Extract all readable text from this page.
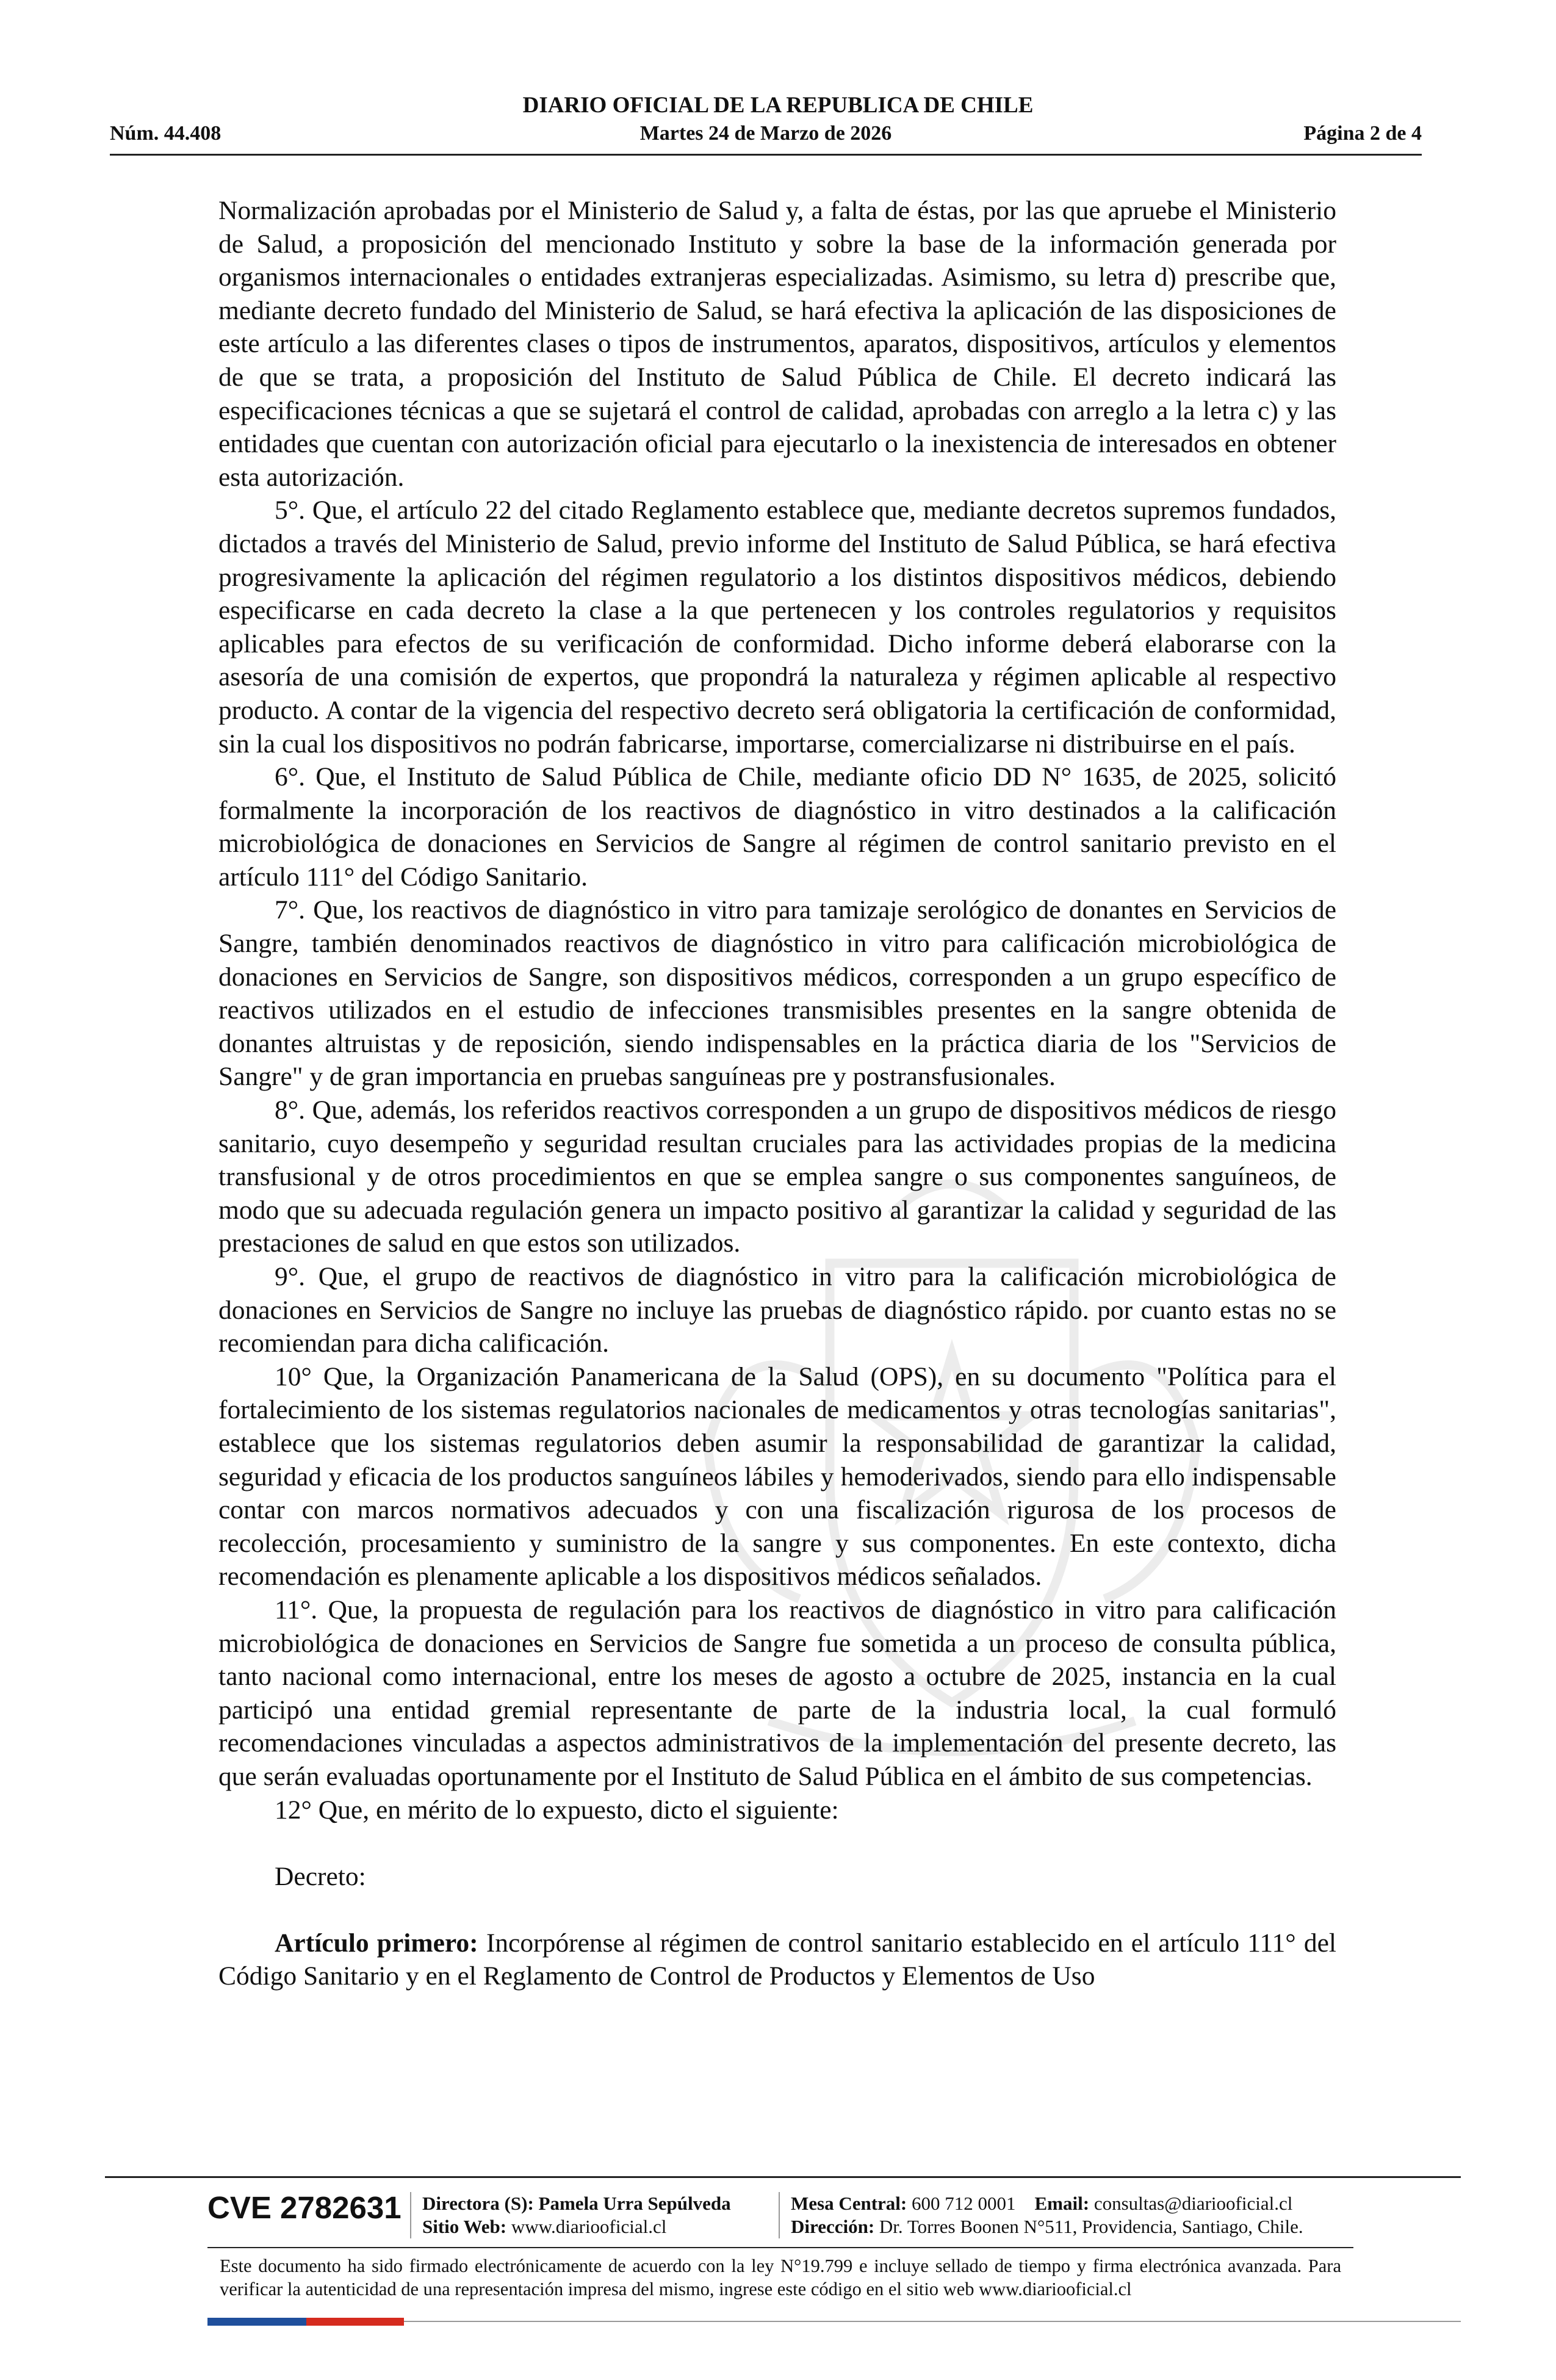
DIARIO OFICIAL DE LA REPUBLICA DE CHILE
Núm. 44.408	Martes 24 de Marzo de 2026	Página 2 de 4

Normalización aprobadas por el Ministerio de Salud y, a falta de éstas, por las que apruebe el Ministerio de Salud, a proposición del mencionado Instituto y sobre la base de la información generada por organismos internacionales o entidades extranjeras especializadas. Asimismo, su letra d) prescribe que, mediante decreto fundado del Ministerio de Salud, se hará efectiva la aplicación de las disposiciones de este artículo a las diferentes clases o tipos de instrumentos, aparatos, dispositivos, artículos y elementos de que se trata, a proposición del Instituto de Salud Pública de Chile. El decreto indicará las especificaciones técnicas a que se sujetará el control de calidad, aprobadas con arreglo a la letra c) y las entidades que cuentan con autorización oficial para ejecutarlo o la inexistencia de interesados en obtener esta autorización.

5°. Que, el artículo 22 del citado Reglamento establece que, mediante decretos supremos fundados, dictados a través del Ministerio de Salud, previo informe del Instituto de Salud Pública, se hará efectiva progresivamente la aplicación del régimen regulatorio a los distintos dispositivos médicos, debiendo especificarse en cada decreto la clase a la que pertenecen y los controles regulatorios y requisitos aplicables para efectos de su verificación de conformidad. Dicho informe deberá elaborarse con la asesoría de una comisión de expertos, que propondrá la naturaleza y régimen aplicable al respectivo producto. A contar de la vigencia del respectivo decreto será obligatoria la certificación de conformidad, sin la cual los dispositivos no podrán fabricarse, importarse, comercializarse ni distribuirse en el país.

6°. Que, el Instituto de Salud Pública de Chile, mediante oficio DD N° 1635, de 2025, solicitó formalmente la incorporación de los reactivos de diagnóstico in vitro destinados a la calificación microbiológica de donaciones en Servicios de Sangre al régimen de control sanitario previsto en el artículo 111° del Código Sanitario.

7°. Que, los reactivos de diagnóstico in vitro para tamizaje serológico de donantes en Servicios de Sangre, también denominados reactivos de diagnóstico in vitro para calificación microbiológica de donaciones en Servicios de Sangre, son dispositivos médicos, corresponden a un grupo específico de reactivos utilizados en el estudio de infecciones transmisibles presentes en la sangre obtenida de donantes altruistas y de reposición, siendo indispensables en la práctica diaria de los "Servicios de Sangre" y de gran importancia en pruebas sanguíneas pre y postransfusionales.

8°. Que, además, los referidos reactivos corresponden a un grupo de dispositivos médicos de riesgo sanitario, cuyo desempeño y seguridad resultan cruciales para las actividades propias de la medicina transfusional y de otros procedimientos en que se emplea sangre o sus componentes sanguíneos, de modo que su adecuada regulación genera un impacto positivo al garantizar la calidad y seguridad de las prestaciones de salud en que estos son utilizados.

9°. Que, el grupo de reactivos de diagnóstico in vitro para la calificación microbiológica de donaciones en Servicios de Sangre no incluye las pruebas de diagnóstico rápido. por cuanto estas no se recomiendan para dicha calificación.

10° Que, la Organización Panamericana de la Salud (OPS), en su documento "Política para el fortalecimiento de los sistemas regulatorios nacionales de medicamentos y otras tecnologías sanitarias", establece que los sistemas regulatorios deben asumir la responsabilidad de garantizar la calidad, seguridad y eficacia de los productos sanguíneos lábiles y hemoderivados, siendo para ello indispensable contar con marcos normativos adecuados y con una fiscalización rigurosa de los procesos de recolección, procesamiento y suministro de la sangre y sus componentes. En este contexto, dicha recomendación es plenamente aplicable a los dispositivos médicos señalados.

11°. Que, la propuesta de regulación para los reactivos de diagnóstico in vitro para calificación microbiológica de donaciones en Servicios de Sangre fue sometida a un proceso de consulta pública, tanto nacional como internacional, entre los meses de agosto a octubre de 2025, instancia en la cual participó una entidad gremial representante de parte de la industria local, la cual formuló recomendaciones vinculadas a aspectos administrativos de la implementación del presente decreto, las que serán evaluadas oportunamente por el Instituto de Salud Pública en el ámbito de sus competencias.

12° Que, en mérito de lo expuesto, dicto el siguiente:

Decreto:

Artículo primero: Incorpórense al régimen de control sanitario establecido en el artículo 111° del Código Sanitario y en el Reglamento de Control de Productos y Elementos de Uso

CVE 2782631 Directora (S): Pamela Urra Sepúlveda
Sitio Web: www.diariooficial.cl
Mesa Central: 600 712 0001 Email: consultas@diariooficial.cl
Dirección: Dr. Torres Boonen N°511, Providencia, Santiago, Chile.
Este documento ha sido firmado electrónicamente de acuerdo con la ley N°19.799 e incluye sellado de tiempo y firma electrónica avanzada. Para verificar la autenticidad de una representación impresa del mismo, ingrese este código en el sitio web www.diariooficial.cl
